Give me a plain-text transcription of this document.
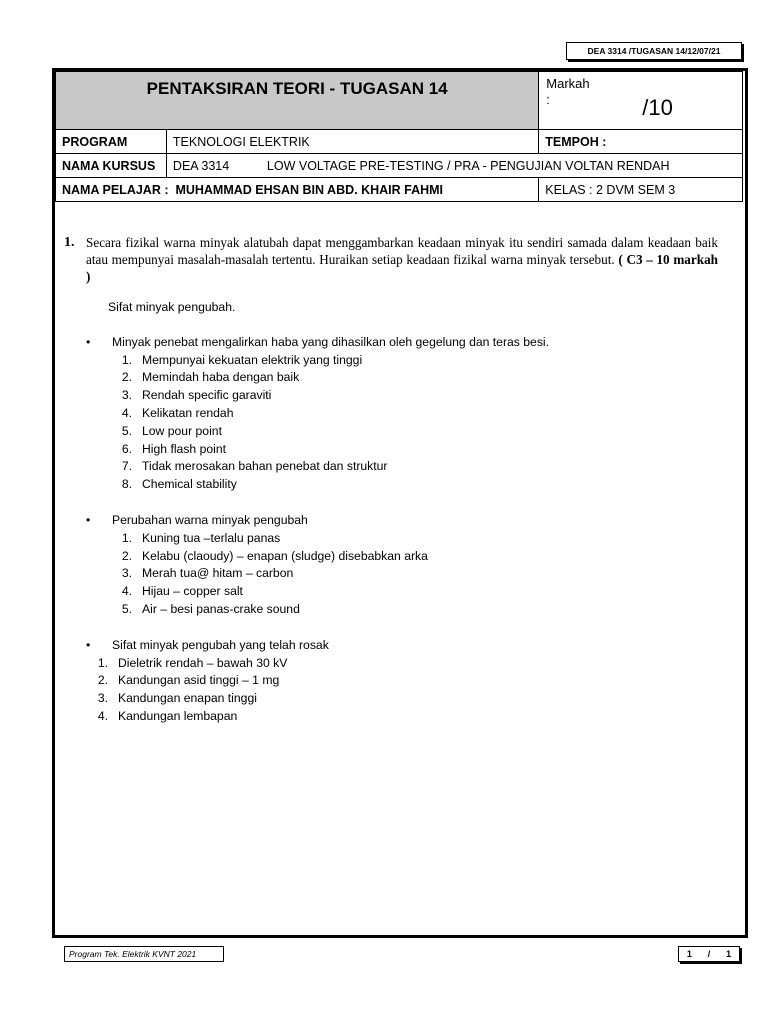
DEA 3314 /TUGASAN 14/12/07/21
PENTAKSIRAN TEORI - TUGASAN 14		Markah
: /10

PROGRAM	TEKNOLOGI ELEKTRIK	TEMPOH :
NAMA KURSUS	DEA 3314 LOW VOLTAGE PRE-TESTING / PRA - PENGUJIAN VOLTAN RENDAH	
NAMA PELAJAR : MUHAMMAD EHSAN BIN ABD. KHAIR FAHMI		KELAS : 2 DVM SEM 3
1. Secara fizikal warna minyak alatubah dapat menggambarkan keadaan minyak itu sendiri samada dalam keadaan baik atau mempunyai masalah-masalah tertentu. Huraikan setiap keadaan fizikal warna minyak tersebut. ( C3 – 10 markah )
Sifat minyak pengubah.
•	Minyak penebat mengalirkan haba yang dihasilkan oleh gegelung dan teras besi.
1. Mempunyai kekuatan elektrik yang tinggi
2. Memindah haba dengan baik
3. Rendah specific garaviti
4. Kelikatan rendah
5. Low pour point
6. High flash point
7. Tidak merosakan bahan penebat dan struktur
8. Chemical stability
•	Perubahan warna minyak pengubah
1. Kuning tua –terlalu panas
2. Kelabu (claoudy) – enapan (sludge) disebabkan arka
3. Merah tua@ hitam – carbon
4. Hijau – copper salt
5. Air – besi panas-crake sound
•	Sifat minyak pengubah yang telah rosak
1. Dieletrik rendah – bawah 30 kV
2. Kandungan asid tinggi – 1 mg
3. Kandungan enapan tinggi
4. Kandungan lembapan
Program Tek. Elektrik KVNT 2021	1 / 1
